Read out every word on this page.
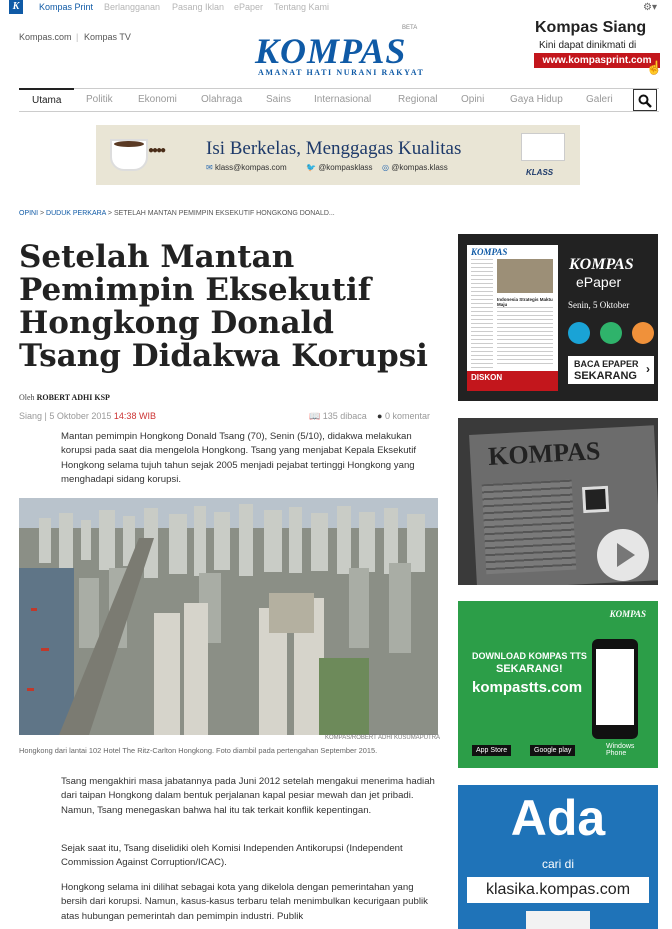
K	Kompas Print Berlangganan Pasang Iklan ePaper Tentang Kami	⚙▾
Kompas.com | Kompas TV	KOMPAS
BETA
AMANAT HATI NURANI RAKYAT
Kompas Siang
Kini dapat dinikmati di
www.kompasprint.com
☝
Utama	Politik	Ekonomi Olahraga Sains Internasional	Regional Opini	Gaya Hidup Galeri
●●●● Isi Berkelas, Menggagas Kualitas
✉ klass@kompas.com 🐦 @kompasklass ◎ @kompas.klass
KLASS
OPINI > DUDUK PERKARA > SETELAH MANTAN PEMIMPIN EKSEKUTIF HONGKONG DONALD...
Setelah Mantan Pemimpin Eksekutif Hongkong Donald Tsang Didakwa Korupsi
Oleh ROBERT ADHI KSP
Siang | 5 Oktober 2015 14:38 WIB	📖 135 dibaca ● 0 komentar

Mantan pemimpin Hongkong Donald Tsang (70), Senin (5/10), didakwa melakukan korupsi pada saat dia mengelola Hongkong. Tsang yang menjabat Kepala Eksekutif Hongkong selama tujuh tahun sejak 2005 menjadi pejabat tertinggi Hongkong yang menghadapi sidang korupsi.

KOMPAS/ROBERT ADHI KUSUMAPUTRA
Hongkong dari lantai 102 Hotel The Ritz-Carlton Hongkong. Foto diambil pada pertengahan September 2015.

Tsang mengakhiri masa jabatannya pada Juni 2012 setelah mengakui menerima hadiah dari taipan Hongkong dalam bentuk perjalanan kapal pesiar mewah dan jet pribadi. Namun, Tsang menegaskan bahwa hal itu tak terkait konflik kepentingan.

Sejak saat itu, Tsang diselidiki oleh Komisi Independen Antikorupsi (Independent Commission Against Corruption/ICAC).

Hongkong selama ini dilihat sebagai kota yang dikelola dengan pemerintahan yang bersih dari korupsi. Namun, kasus-kasus terbaru telah menimbulkan kecurigaan publik atas hubungan pemerintah dan pemimpin industri. Publik

KOMPAS
Indonesia Strategis Maktu Maju
DISKON
KOMPAS
ePaper
Senin, 5 Oktober
BACA EPAPER
SEKARANG ›
KOMPAS
KOMPAS
DOWNLOAD KOMPAS TTS
SEKARANG!
kompastts.com
App Store	Google play
Windows Phone
Ada
cari di
klasika.kompas.com
